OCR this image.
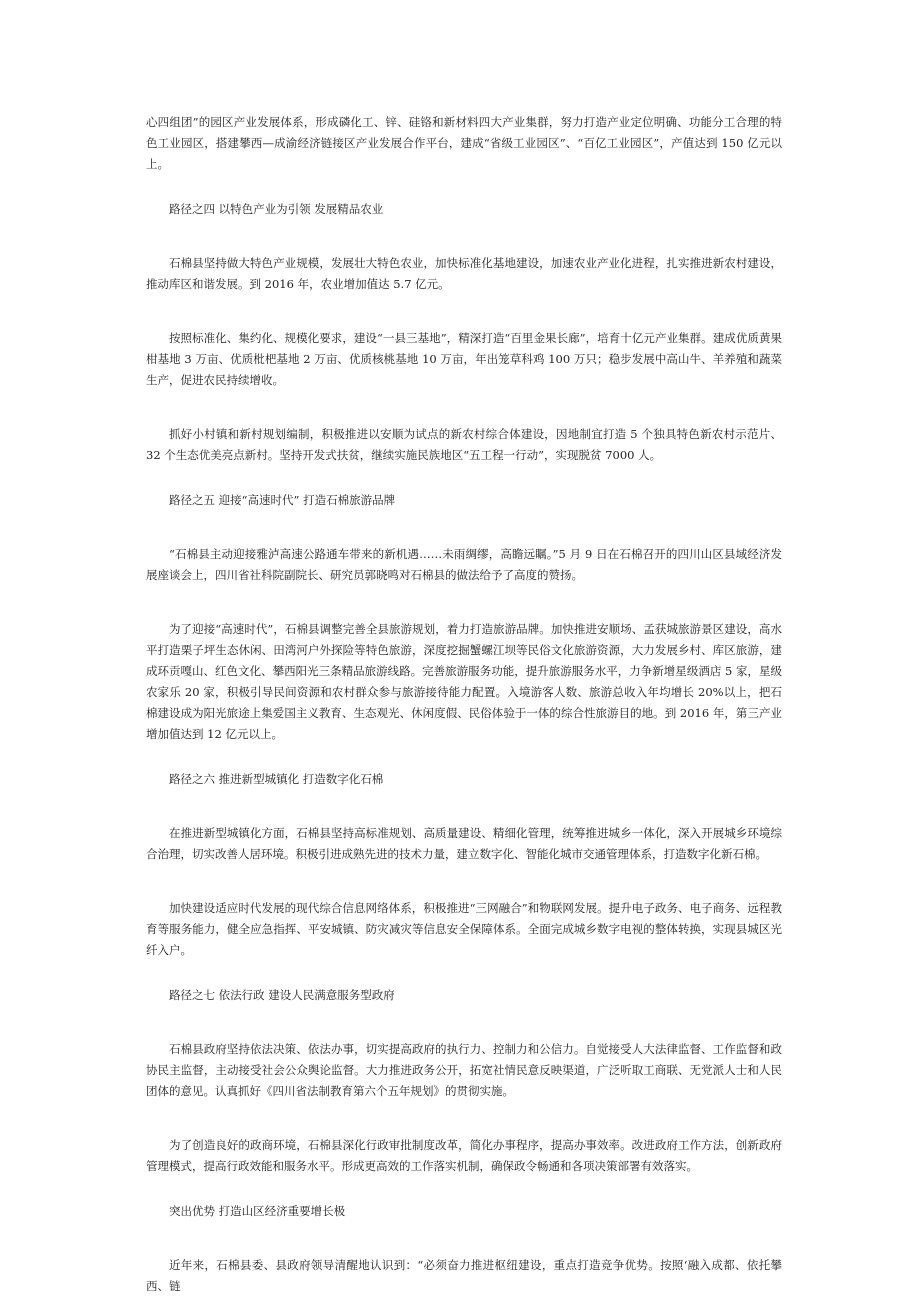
心四组团”的园区产业发展体系，形成磷化工、锌、硅铬和新材料四大产业集群，努力打造产业定位明确、功能分工合理的特色工业园区，搭建攀西—成渝经济链接区产业发展合作平台，建成“省级工业园区”、“百亿工业园区”，产值达到 150 亿元以上。

路径之四 以特色产业为引领 发展精品农业

石棉县坚持做大特色产业规模，发展壮大特色农业，加快标准化基地建设，加速农业产业化进程，扎实推进新农村建设，推动库区和谐发展。到 2016 年，农业增加值达 5.7 亿元。

按照标准化、集约化、规模化要求，建设“一县三基地”，精深打造“百里金果长廊”，培育十亿元产业集群。建成优质黄果柑基地 3 万亩、优质枇杷基地 2 万亩、优质核桃基地 10 万亩，年出笼草科鸡 100 万只；稳步发展中高山牛、羊养殖和蔬菜生产，促进农民持续增收。

抓好小村镇和新村规划编制，积极推进以安顺为试点的新农村综合体建设，因地制宜打造 5 个独具特色新农村示范片、32 个生态优美亮点新村。坚持开发式扶贫，继续实施民族地区“五工程一行动”，实现脱贫 7000 人。

路径之五 迎接“高速时代” 打造石棉旅游品牌

“石棉县主动迎接雅泸高速公路通车带来的新机遇……未雨绸缪，高瞻远瞩。”5 月 9 日在石棉召开的四川山区县域经济发展座谈会上，四川省社科院副院长、研究员郭晓鸣对石棉县的做法给予了高度的赞扬。

为了迎接“高速时代”，石棉县调整完善全县旅游规划，着力打造旅游品牌。加快推进安顺场、孟获城旅游景区建设，高水平打造栗子坪生态休闲、田湾河户外探险等特色旅游，深度挖掘蟹螺江坝等民俗文化旅游资源，大力发展乡村、库区旅游，建成环贡嘎山、红色文化、攀西阳光三条精品旅游线路。完善旅游服务功能，提升旅游服务水平，力争新增星级酒店 5 家，星级农家乐 20 家，积极引导民间资源和农村群众参与旅游接待能力配置。入境游客人数、旅游总收入年均增长 20%以上，把石棉建设成为阳光旅途上集爱国主义教育、生态观光、休闲度假、民俗体验于一体的综合性旅游目的地。到 2016 年，第三产业增加值达到 12 亿元以上。

路径之六 推进新型城镇化 打造数字化石棉

在推进新型城镇化方面，石棉县坚持高标准规划、高质量建设、精细化管理，统筹推进城乡一体化，深入开展城乡环境综合治理，切实改善人居环境。积极引进成熟先进的技术力量，建立数字化、智能化城市交通管理体系，打造数字化新石棉。

加快建设适应时代发展的现代综合信息网络体系，积极推进“三网融合”和物联网发展。提升电子政务、电子商务、远程教育等服务能力，健全应急指挥、平安城镇、防灾减灾等信息安全保障体系。全面完成城乡数字电视的整体转换，实现县城区光纤入户。

路径之七 依法行政 建设人民满意服务型政府

石棉县政府坚持依法决策、依法办事，切实提高政府的执行力、控制力和公信力。自觉接受人大法律监督、工作监督和政协民主监督，主动接受社会公众舆论监督。大力推进政务公开，拓宽社情民意反映渠道，广泛听取工商联、无党派人士和人民团体的意见。认真抓好《四川省法制教育第六个五年规划》的贯彻实施。

为了创造良好的政商环境，石棉县深化行政审批制度改革，简化办事程序，提高办事效率。改进政府工作方法，创新政府管理模式，提高行政效能和服务水平。形成更高效的工作落实机制，确保政令畅通和各项决策部署有效落实。

突出优势 打造山区经济重要增长极

近年来，石棉县委、县政府领导清醒地认识到：“必须奋力推进枢纽建设，重点打造竞争优势。按照‘融入成都、依托攀西、链
